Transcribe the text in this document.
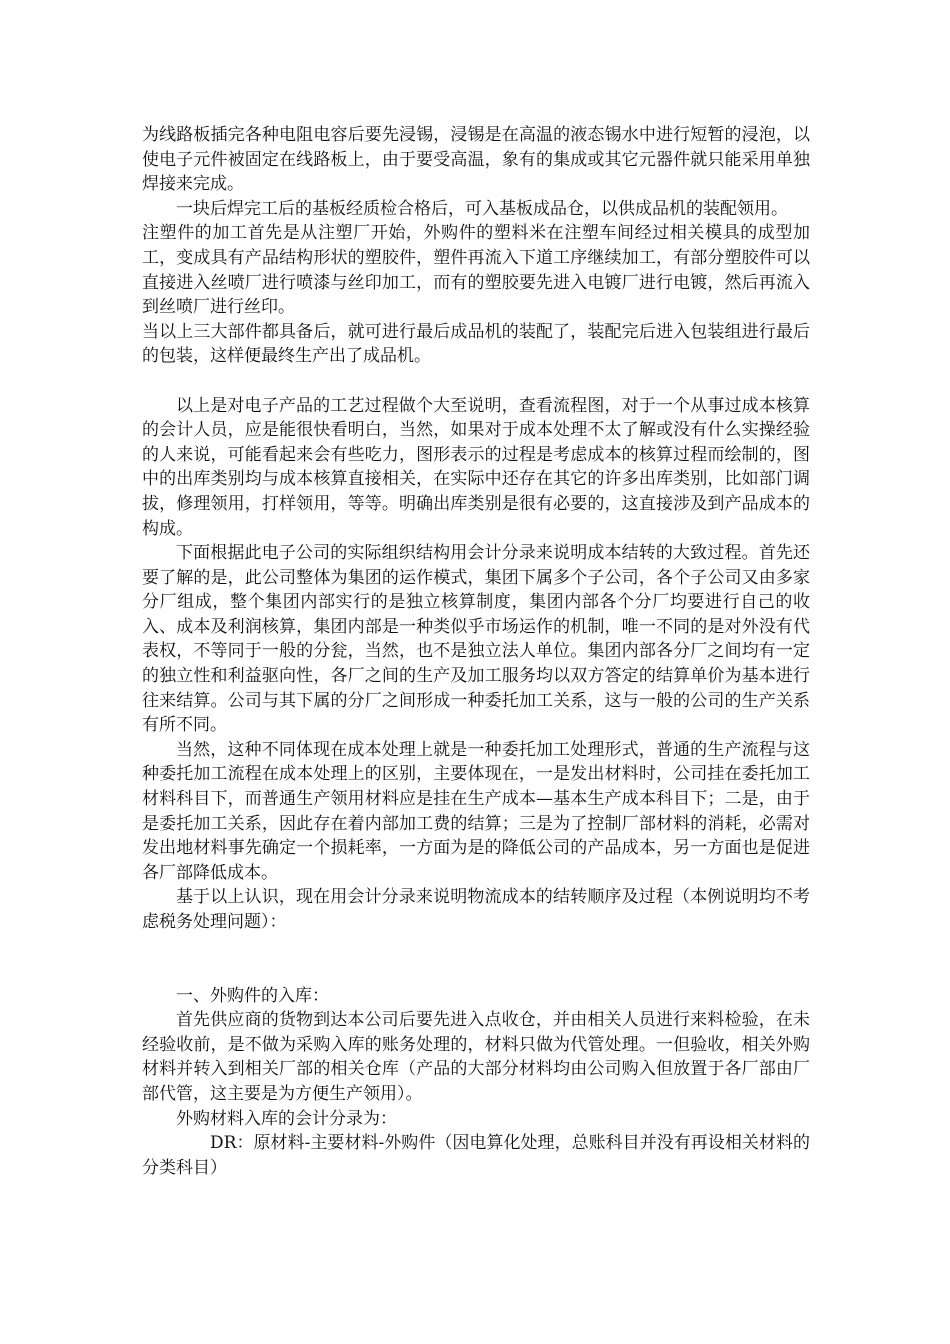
为线路板插完各种电阻电容后要先浸锡，浸锡是在高温的液态锡水中进行短暂的浸泡，以使电子元件被固定在线路板上，由于要受高温，象有的集成或其它元器件就只能采用单独焊接来完成。

一块后焊完工后的基板经质检合格后，可入基板成品仓，以供成品机的装配领用。

注塑件的加工首先是从注塑厂开始，外购件的塑料米在注塑车间经过相关模具的成型加工，变成具有产品结构形状的塑胶件，塑件再流入下道工序继续加工，有部分塑胶件可以直接进入丝喷厂进行喷漆与丝印加工，而有的塑胶要先进入电镀厂进行电镀，然后再流入到丝喷厂进行丝印。

当以上三大部件都具备后，就可进行最后成品机的装配了，装配完后进入包装组进行最后的包装，这样便最终生产出了成品机。

以上是对电子产品的工艺过程做个大至说明，查看流程图，对于一个从事过成本核算的会计人员，应是能很快看明白，当然，如果对于成本处理不太了解或没有什么实操经验的人来说，可能看起来会有些吃力，图形表示的过程是考虑成本的核算过程而绘制的，图中的出库类别均与成本核算直接相关，在实际中还存在其它的许多出库类别，比如部门调拔，修理领用，打样领用，等等。明确出库类别是很有必要的，这直接涉及到产品成本的构成。

下面根据此电子公司的实际组织结构用会计分录来说明成本结转的大致过程。首先还要了解的是，此公司整体为集团的运作模式，集团下属多个子公司，各个子公司又由多家分厂组成，整个集团内部实行的是独立核算制度，集团内部各个分厂均要进行自己的收入、成本及利润核算，集团内部是一种类似乎市场运作的机制，唯一不同的是对外没有代表权，不等同于一般的分瓮，当然，也不是独立法人单位。集团内部各分厂之间均有一定的独立性和利益驱向性，各厂之间的生产及加工服务均以双方答定的结算单价为基本进行往来结算。公司与其下属的分厂之间形成一种委托加工关系，这与一般的公司的生产关系有所不同。

当然，这种不同体现在成本处理上就是一种委托加工处理形式，普通的生产流程与这种委托加工流程在成本处理上的区别，主要体现在，一是发出材料时，公司挂在委托加工材料科目下，而普通生产领用材料应是挂在生产成本—基本生产成本科目下；二是，由于是委托加工关系，因此存在着内部加工费的结算；三是为了控制厂部材料的消耗，必需对发出地材料事先确定一个损耗率，一方面为是的降低公司的产品成本，另一方面也是促进各厂部降低成本。

基于以上认识，现在用会计分录来说明物流成本的结转顺序及过程（本例说明均不考虑税务处理问题）：

一、外购件的入库：

首先供应商的货物到达本公司后要先进入点收仓，并由相关人员进行来料检验，在未经验收前，是不做为采购入库的账务处理的，材料只做为代管处理。一但验收，相关外购材料并转入到相关厂部的相关仓库（产品的大部分材料均由公司购入但放置于各厂部由厂部代管，这主要是为方便生产领用）。

外购材料入库的会计分录为：

DR：原材料-主要材料-外购件（因电算化处理，总账科目并没有再设相关材料的分类科目）
